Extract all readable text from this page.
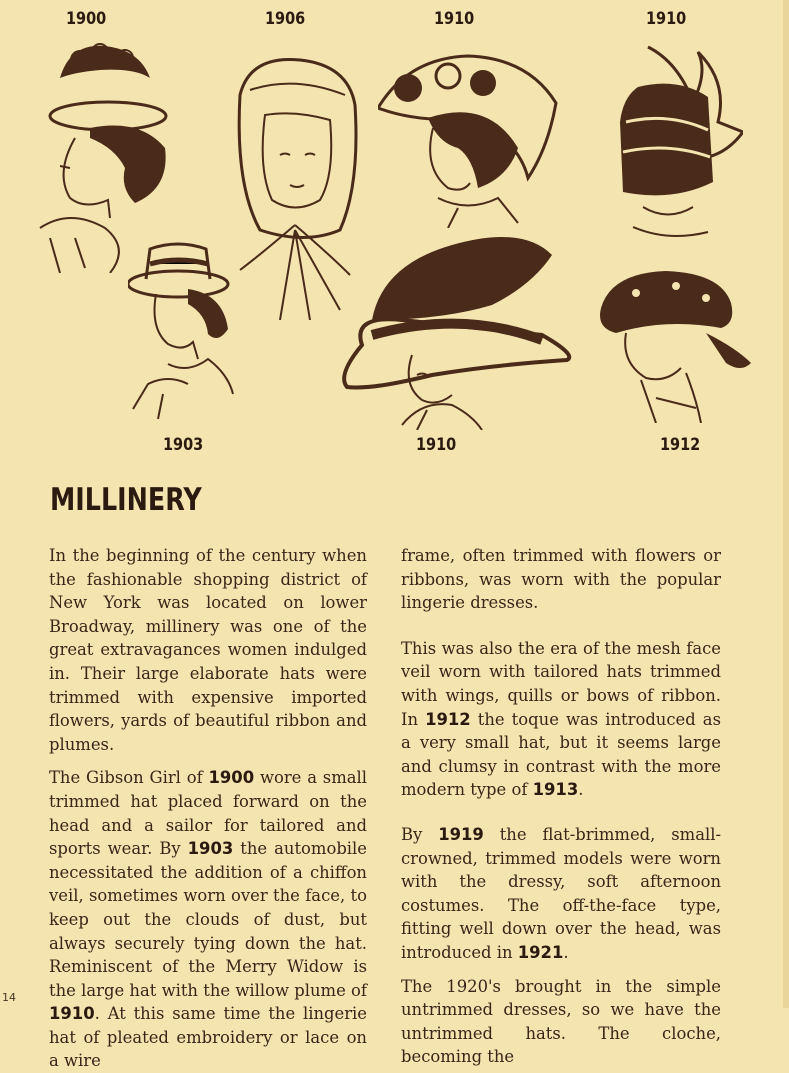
1900	1906	1910	1910
1903	1910	1912
MILLINERY

In the beginning of the century when the fashionable shopping district of New York was located on lower Broadway, millinery was one of the great extravagances women indulged in. Their large elaborate hats were trimmed with expensive imported flowers, yards of beautiful ribbon and plumes.

The Gibson Girl of 1900 wore a small trimmed hat placed forward on the head and a sailor for tailored and sports wear. By 1903 the automobile necessitated the addition of a chiffon veil, sometimes worn over the face, to keep out the clouds of dust, but always securely tying down the hat. Reminiscent of the Merry Widow is the large hat with the willow plume of 1910. At this same time the lingerie hat of pleated embroidery or lace on a wire

frame, often trimmed with flowers or ribbons, was worn with the popular lingerie dresses.

This was also the era of the mesh face veil worn with tailored hats trimmed with wings, quills or bows of ribbon. In 1912 the toque was introduced as a very small hat, but it seems large and clumsy in contrast with the more modern type of 1913.

By 1919 the flat-brimmed, small-crowned, trimmed models were worn with the dressy, soft afternoon costumes. The off-the-face type, fitting well down over the head, was introduced in 1921.

The 1920's brought in the simple untrimmed dresses, so we have the untrimmed hats. The cloche, becoming the

14
